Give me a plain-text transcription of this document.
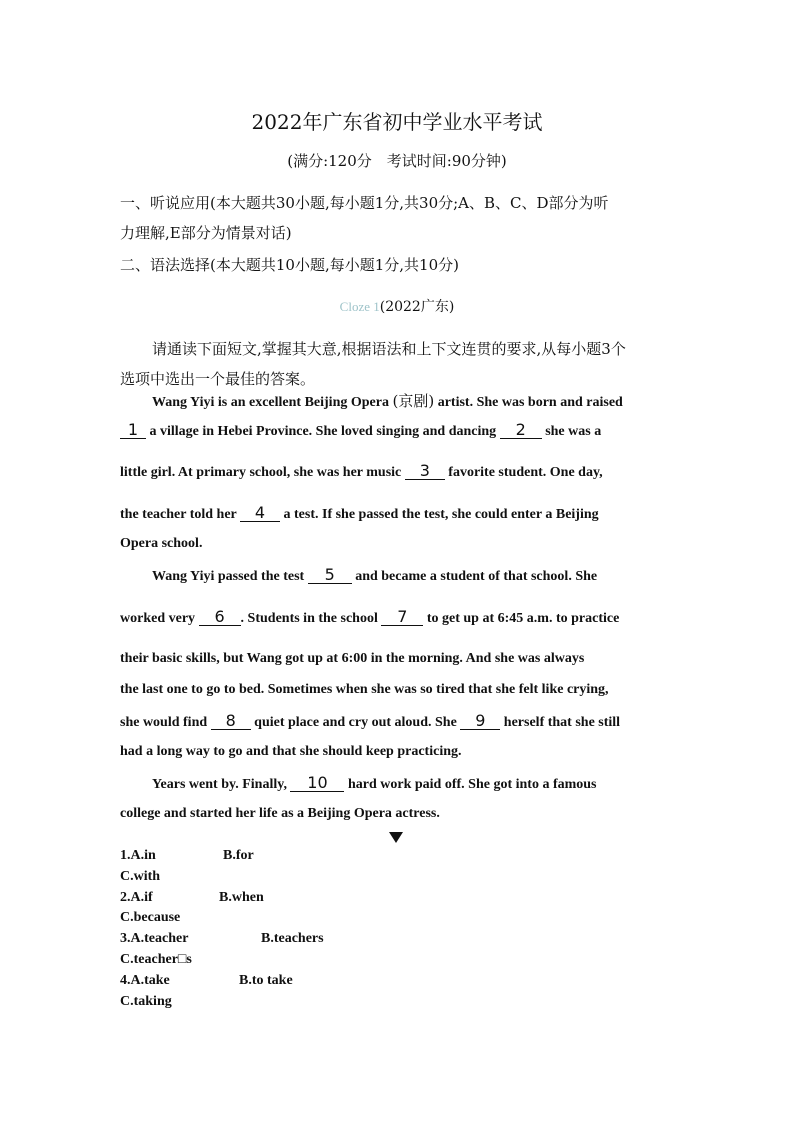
2022年广东省初中学业水平考试
(满分:120分　考试时间:90分钟)
一、听说应用(本大题共30小题,每小题1分,共30分;A、B、C、D部分为听
力理解,E部分为情景对话)
二、语法选择(本大题共10小题,每小题1分,共10分)
Cloze 1(2022广东)
请通读下面短文,掌握其大意,根据语法和上下文连贯的要求,从每小题3个
选项中选出一个最佳的答案。
Wang Yiyi is an excellent Beijing Opera (京剧) artist. She was born and raised
1 a village in Hebei Province. She loved singing and dancing 2 she was a
little girl. At primary school, she was her music 3 favorite student. One day,
the teacher told her 4 a test. If she passed the test, she could enter a Beijing
Opera school.
Wang Yiyi passed the test 5 and became a student of that school. She
worked very 6 . Students in the school 7 to get up at 6:45 a.m. to practice
their basic skills, but Wang got up at 6:00 in the morning. And she was always
the last one to go to bed. Sometimes when she was so tired that she felt like crying,
she would find 8 quiet place and cry out aloud. She 9 herself that she still
had a long way to go and that she should keep practicing.
Years went by. Finally, 10 hard work paid off. She got into a famous
college and started her life as a Beijing Opera actress.
1.A.in	B.for
C.with
2.A.if	B.when
C.because
3.A.teacher	B.teachers
C.teacher□s
4.A.take	B.to take
C.taking
